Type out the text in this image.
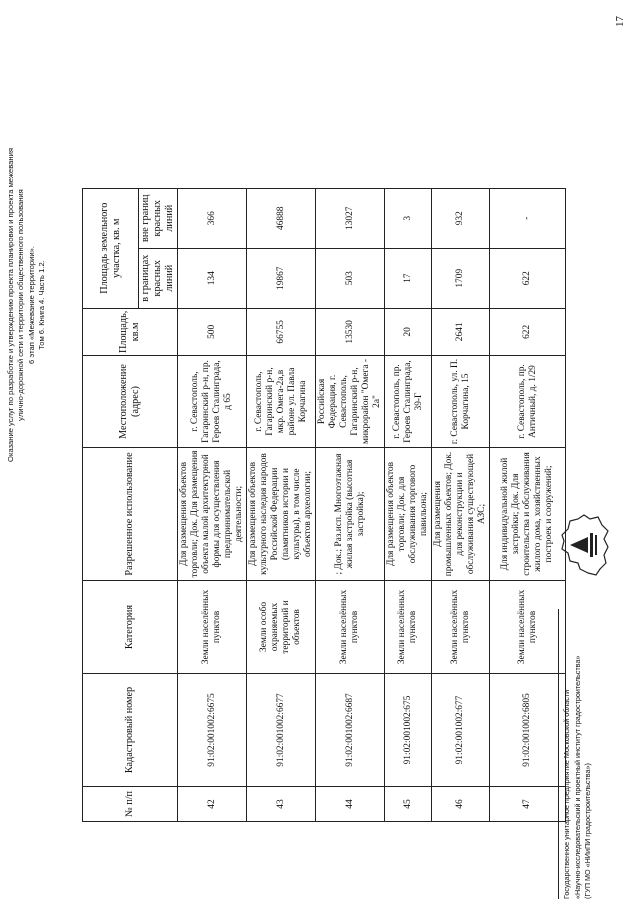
Оказание услуг по разработке и утверждению проекта планировки и проекта межевания улично-дорожной сети и территории общественного пользования 6 этап «Межевание территории». Том 6. Книга 4. Часть 1.2.
№ п/п	Кадастровый номер	Категория	Разрешенное использование	Местоположение (адрес)	Площадь, кв.м	Площадь земельного участка, кв. м	
						в границах красных линий	вне границ красных линий
42	91:02:001002:6675	Земли населённых пунктов	Для размещения объектов торговли; Док. Для размещения объекта малой архитектурной формы для осуществления предпринимательской деятельности;	г. Севастополь, Гагаринский р-н, пр. Героев Сталинграда, д 65	500	134	366
43	91:02:001002:6677	Земли особо охраняемых территорий и объектов	Для размещения объектов культурного наследия народов Российской Федерации (памятников истории и культуры), в том числе объектов археологии;	г. Севастополь, Гагаринский р-н, мкр. Омега-2а,в районе ул. Павла Корчагина	66755	19867	46888
44	91:02:001002:6687	Земли населённых пунктов	; Док.; Раз.исп. Многоэтажная жилая застройка (высотная застройка);	Российская Федерация, г. Севастополь, Гагаринский р-н, микрорайон "Омега - 2а"	13530	503	13027
45	91:02:001002:675	Земли населённых пунктов	Для размещения объектов торговли; Док. для обслуживания торгового павильона;	г. Севастополь, пр. Героев Сталинграда, 39-Г	20	17	3
46	91:02:001002:677	Земли населённых пунктов	Для размещения промышленных объектов; Док. для реконструкции и обслуживания существующей АЗС;	г. Севастополь, ул. П. Корчагина, 15	2641	1709	932
47	91:02:001002:6805	Земли населённых пунктов	Для индивидуальной жилой застройки; Док. Для строительства и обслуживания жилого дома, хозяйственных построек и сооружений;	г. Севастополь, пр. Античный, д. 1/29	622	622	-
Государственное унитарное предприятие Московской области «Научно-исследовательский и проектный институт градостроительства» (ГУП МО «НИиПИ градостроительства»)
17
